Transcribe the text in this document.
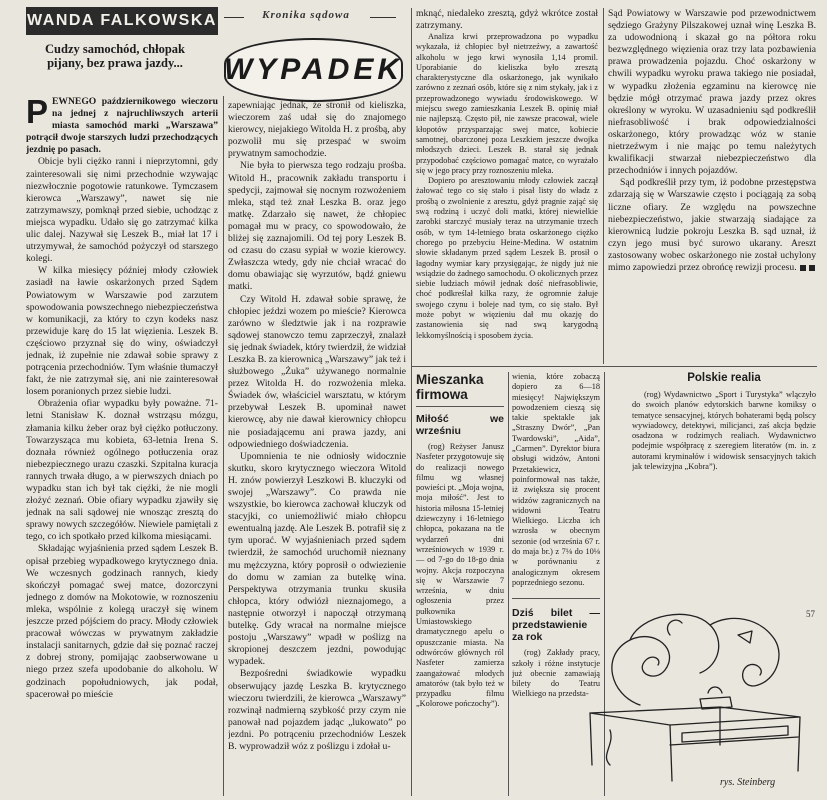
WANDA FALKOWSKA	Kronika sądowa
Cudzy samochód, chłopak pijany, bez prawa jazdy... WYPADEK

PEWNEGO październikowego wieczoru na jednej z najruchliwszych arterii miasta samochód marki „Warszawa” potrącił dwoje starszych ludzi przechodzących jezdnię po pasach.

Obicje byli ciężko ranni i nieprzytomni, gdy zainteresowali się nimi przechodnie wzywając niezwłocznie pogotowie ratunkowe. Tymczasem kierowca „Warszawy”, nawet się nie zatrzymawszy, pomknął przed siebie, uchodząc z miejsca wypadku. Udało się go zatrzymać kilka ulic dalej. Nazywał się Leszek B., miał lat 17 i utrzymywał, że samochód pożyczył od starszego kolegi.

W kilka miesięcy później młody człowiek zasiadł na ławie oskarżonych przed Sądem Powiatowym w Warszawie pod zarzutem spowodowania powszechnego niebezpieczeństwa w komunikacji, za który to czyn kodeks nasz przewiduje karę do 15 lat więzienia. Leszek B. częściowo przyznał się do winy, oświadczył jednak, iż zupełnie nie zdawał sobie sprawy z potrącenia przechodniów. Tym właśnie tłumaczył fakt, że nie zatrzymał się, ani nie zainteresował losem poranionych przez siebie ludzi.

Obrażenia ofiar wypadku były poważne. 71-letni Stanisław K. doznał wstrząsu mózgu, złamania kilku żeber oraz był ciężko potłuczony. Towarzysząca mu kobieta, 63-letnia Irena S. doznała również ogólnego potłuczenia oraz niebezpiecznego urazu czaszki. Szpitalna kuracja rannych trwała długo, a w pierwszych dniach po wypadku stan ich był tak ciężki, że nie mogli złożyć zeznań. Obie ofiary wypadku zjawiły się jednak na sali sądowej nie wnosząc zresztą do sprawy nowych szczegółów. Niewiele pamiętali z tego, co ich spotkało przed kilkoma miesiącami.

Składając wyjaśnienia przed sądem Leszek B. opisał przebieg wypadkowego krytycznego dnia. We wczesnych godzinach rannych, kiedy skończył pomagać swej matce, dozorczyni jednego z domów na Mokotowie, w roznoszeniu mleka, wspólnie z kolegą uraczył się winem jeszcze przed pójściem do pracy. Młody człowiek pracował wówczas w prywatnym zakładzie instalacji sanitarnych, gdzie dał się poznać raczej z dobrej strony, pomijając zaobserwowane u niego przez szefa upodobanie do alkoholu. W godzinach popołudniowych, jak podał, spacerował po mieście

zapewniając jednak, że stronił od kieliszka, wieczorem zaś udał się do znajomego kierowcy, niejakiego Witolda H. z prośbą, aby pozwolił mu się przespać w swoim prywatnym samochodzie.

Nie była to pierwsza tego rodzaju prośba. Witold H., pracownik zakładu transportu i spedycji, zajmował się nocnym rozwożeniem mleka, stąd też znał Leszka B. oraz jego matkę. Zdarzało się nawet, że chłopiec pomagał mu w pracy, co spowodowało, że bliżej się zaznajomili. Od tej pory Leszek B. od czasu do czasu sypiał w wozie kierowcy. Zwłaszcza wtedy, gdy nie chciał wracać do domu obawiając się wyrzutów, bądź gniewu matki.

Czy Witold H. zdawał sobie sprawę, że chłopiec jeździ wozem po mieście? Kierowca zarówno w śledztwie jak i na rozprawie sądowej stanowczo temu zaprzeczył, znalazł się jednak świadek, który twierdził, że widział Leszka B. za kierownicą „Warszawy” jak też i służbowego „Żuka” używanego normalnie przez Witolda H. do rozwożenia mleka. Świadek ów, właściciel warsztatu, w którym przebywał Leszek B. upominał nawet kierowcę, aby nie dawał kierownicy chłopcu nie posiadającemu ani prawa jazdy, ani odpowiedniego doświadczenia.

Upomnienia te nie odniosły widocznie skutku, skoro krytycznego wieczora Witold H. znów powierzył Leszkowi B. kluczyki od swojej „Warszawy”. Co prawda nie wszystkie, bo kierowca zachował kluczyk od stacyjki, co uniemożliwić miało chłopcu ewentualną jazdę. Ale Leszek B. potrafił się z tym uporać. W wyjaśnieniach przed sądem twierdził, że samochód uruchomił nieznany mu mężczyzna, który poprosił o odwiezienie do domu w zamian za butelkę wina. Perspektywa otrzymania trunku skusiła chłopca, który odwiózł nieznajomego, a następnie otworzył i napoczął otrzymaną butelkę. Gdy wracał na normalne miejsce postoju „Warszawy” wpadł w poślizg na skropionej deszczem jezdni, powodując wypadek.

Bezpośredni świadkowie wypadku obserwujący jazdę Leszka B. krytycznego wieczoru twierdzili, że kierowca „Warszawy” rozwinął nadmierną szybkość przy czym nie panował nad pojazdem jadąc „lukowato” po jezdni. Po potrąceniu przechodniów Leszek B. wyprowadził wóz z poślizgu i zdołał u-

mknąć, niedaleko zresztą, gdyż wkrótce został zatrzymany.

Analiza krwi przeprowadzona po wypadku wykazała, iż chłopiec był nietrzeźwy, a zawartość alkoholu w jego krwi wynosiła 1,14 promil. Uporabianie do kieliszka było zresztą charakterystyczne dla oskarżonego, jak wynikało zarówno z zeznań osób, które się z nim stykały, jak i z przeprowadzonego wywiadu środowiskowego. W miejscu swego zamieszkania Leszek B. opinię miał nie najlepszą. Często pił, nie zawsze pracował, wiele kłopotów przysparzając swej matce, kobiecie samotnej, obarczonej poza Leszkiem jeszcze dwojka młodszych dzieci. Leszek B. starał się jednak przypodobać częściowo pomagać matce, co wyrażało się w jego pracy przy roznoszeniu mleka.

Dopiero po aresztowaniu młody człowiek zaczął żałować tego co się stało i pisał listy do władz z prośbą o zwolnienie z aresztu, gdyż pragnie zająć się swą rodziną i uczyć doli matki, której niewielkie zarobki starczyć musiały teraz na utrzymanie trzech osób, w tym 14-letniego brata oskarżonego ciężko chorego po przebyciu Heine-Medina. W ostatnim słowie składanym przed sądem Leszek B. prosił o łagodny wymiar kary przysięgając, że nigdy już nie wsiądzie do żadnego samochodu. O okolicznych przez siebie ludziach mówił jednak dość niefrasobliwie, choć podkreślał kilka razy, że ogromnie żałuje swojego czynu i boleje nad tym, co się stało. Był może pobyt w więzieniu dał mu okazję do zastanowienia się nad swą karygodną lekkomyślnością i sposobem życia.

Sąd Powiatowy w Warszawie pod przewodnictwem sędziego Grażyny Pilszakowej uznał winę Leszka B. za udowodnioną i skazał go na półtora roku bezwzględnego więzienia oraz trzy lata pozbawienia prawa prowadzenia pojazdu. Choć oskarżony w chwili wypadku wyroku prawa takiego nie posiadał, w wypadku złożenia egzaminu na kierowcę nie będzie mógł otrzymać prawa jazdy przez okres określony w wyroku. W uzasadnieniu sąd podkreślił niefrasobliwość i brak odpowiedzialności oskarżonego, który prowadząc wóz w stanie nietrzeźwym i nie mając po temu należytych kwalifikacji stwarzał niebezpieczeństwo dla przechodniów i innych pojazdów.

Sąd podkreślił przy tym, iż podobne przestępstwa zdarzają się w Warszawie często i pociągają za sobą liczne ofiary. Ze względu na powszechne niebezpieczeństwo, jakie stwarzają siadające za kierownicą ludzie pokroju Leszka B. sąd uznał, iż czyn jego musi być surowo ukarany. Areszt zastosowany wobec oskarżonego nie został uchylony mimo zapowiedzi przez obrońcę rewizji procesu.

Mieszanka
firmowa
Miłość we wrześniu

(rog) Reżyser Janusz Nasfeter przygotowuje się do realizacji nowego filmu wg własnej powieści pt. „Moja wojna, moja miłość”. Jest to historia miłosna 15-letniej dziewczyny i 16-letniego chłopca, pokazana na tle wydarzeń dni wrześniowych w 1939 r. — od 7-go do 18-go dnia wojny. Akcja rozpoczyna się w Warszawie 7 września, w dniu ogłoszenia przez pułkownika Umiastowskiego dramatycznego apelu o opuszczanie miasta. Na odtwórców głównych ról Nasfeter zamierza zaangażować młodych amatorów (tak było też w przypadku filmu „Kolorowe pończochy”).

wienia, które zobaczą dopiero za 6—18 miesięcy! Największym powodzeniem cieszą się takie spektakle jak „Straszny Dwór”, „Pan Twardowski”, „Aida”, „Carmen”. Dyrektor biura obsługi widzów, Antoni Przetakiewicz, poinformował nas także, iż zwiększa się procent widzów zagranicznych na widowni Teatru Wielkiego. Liczba ich wzrosła w obecnym sezonie (od września 67 r. do maja br.) z 7⅛ do 10⅛ w porównaniu z analogicznym okresem poprzedniego sezonu.

Dziś bilet — przedstawienie za rok

(rog) Zakłady pracy, szkoły i różne instytucje już obecnie zamawiają bilety do Teatru Wielkiego na przedsta-

Polskie realia

(rog) Wydawnictwo „Sport i Turystyka” wlączyło do swoich planów edytorskich barwne komiksy o tematyce sensacyjnej, których bohaterami będą polscy wywiadowcy, detektywi, milicjanci, zaś akcja będzie osadzona w rodzimych realiach. Wydawnictwo podejmie współpracę z szeregiem literatów (m. in. z autorami kryminałów i widowisk sensacyjnych takich jak telewizyjna „Kobra”).

57
rys. Steinberg
